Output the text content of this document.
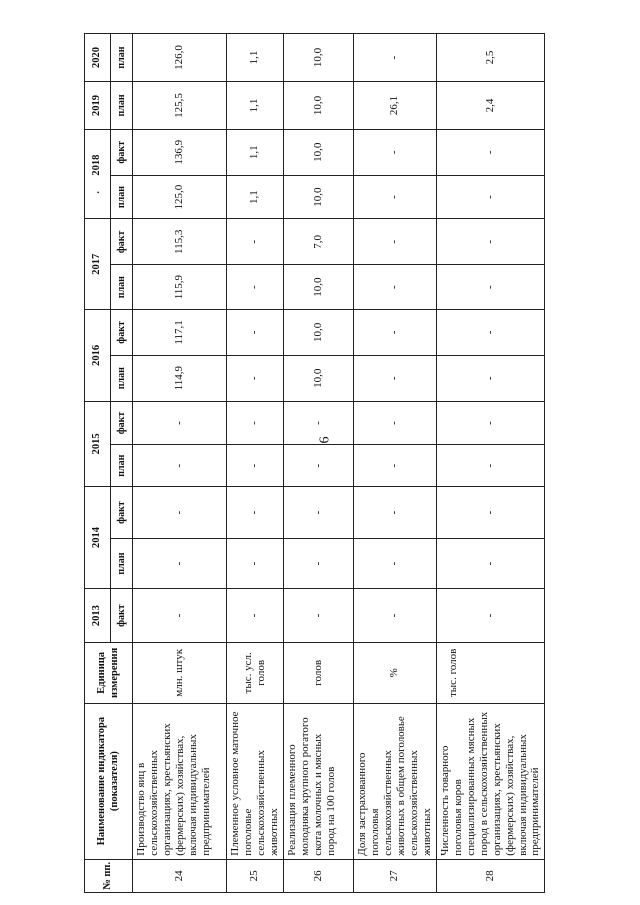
6
№ пп.	Наименование индикатора (показателя)	Единица измерения	2013	2014		2015		2016		2017		.2018		2019	2020
			факт	план	факт	план	факт	план	факт	план	факт	план	факт	план	план
24	Производство яиц в сельскохозяйственных организациях, крестьянских (фермерских) хозяйствах, включая индивидуальных предпринимателей	млн. штук	-	-	-	-	-	114,9	117,1	115,9	115,3	125,0	136,9	125,5	126,0
25	Племенное условное маточное поголовье сельскохозяйственных животных	тыс. усл. голов	-	-	-	-	-	-	-	-	-	1,1	1,1	1,1	1,1
26	Реализация племенного молодняка крупного рогатого скота молочных и мясных пород на 100 голов	голов	-	-	-	-	-	10,0	10,0	10,0	7,0	10,0	10,0	10,0	10,0
27	Доля застрахованного поголовья сельскохозяйственных животных в общем поголовье сельскохозяйственных животных	%	-	-	-	-	-	-	-	-	-	-	-	26,1	-
28	Численность товарного поголовья коров специализированных мясных пород в сельскохозяйственных организациях, крестьянских (фермерских) хозяйствах, включая индивидуальных предпринимателей	тыс. голов	-	-	-	-	-	-	-	-	-	-	-	2,4	2,5
